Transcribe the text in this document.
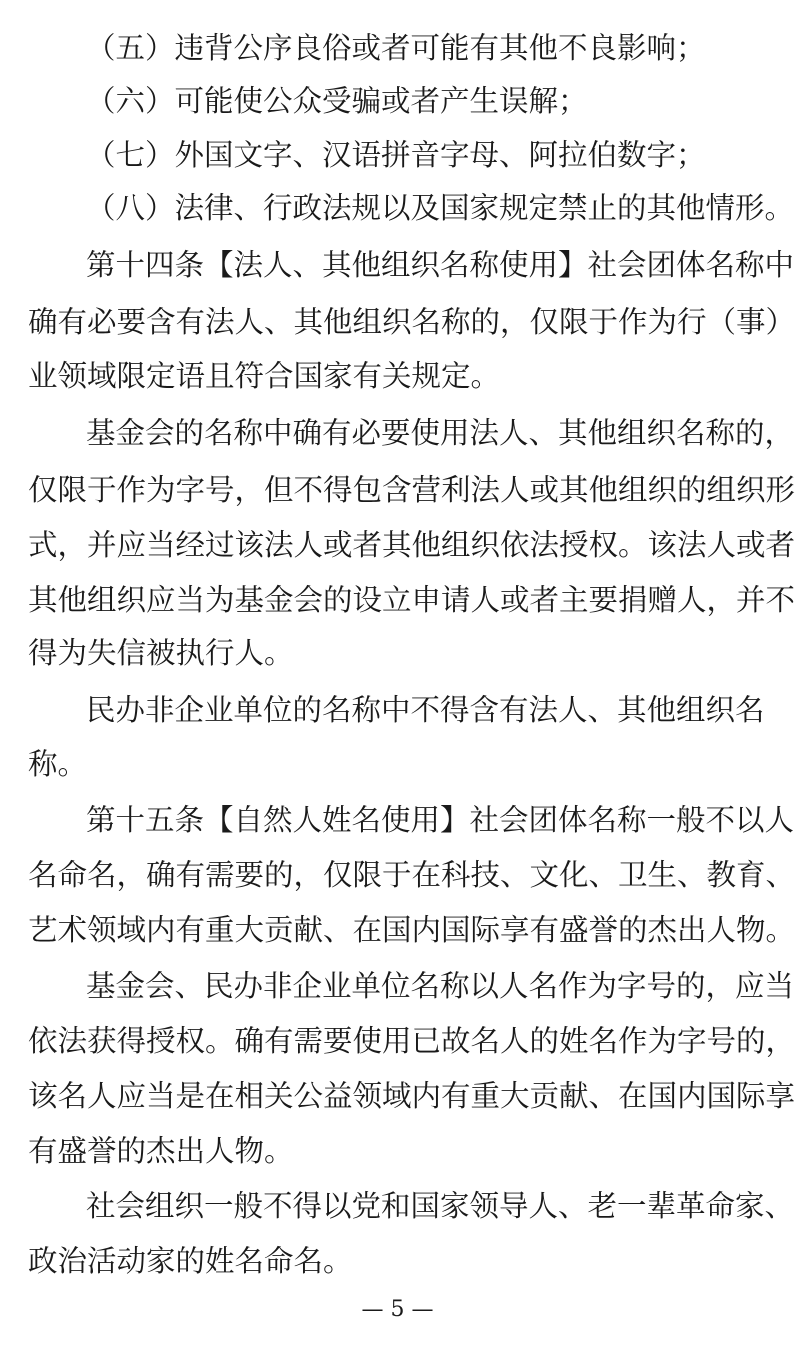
（五）违背公序良俗或者可能有其他不良影响；
（六）可能使公众受骗或者产生误解；
（七）外国文字、汉语拼音字母、阿拉伯数字；
（八）法律、行政法规以及国家规定禁止的其他情形。
第十四条【法人、其他组织名称使用】社会团体名称中
确有必要含有法人、其他组织名称的，仅限于作为行（事）
业领域限定语且符合国家有关规定。
基金会的名称中确有必要使用法人、其他组织名称的，
仅限于作为字号，但不得包含营利法人或其他组织的组织形
式，并应当经过该法人或者其他组织依法授权。该法人或者
其他组织应当为基金会的设立申请人或者主要捐赠人，并不
得为失信被执行人。
民办非企业单位的名称中不得含有法人、其他组织名
称。
第十五条【自然人姓名使用】社会团体名称一般不以人
名命名，确有需要的，仅限于在科技、文化、卫生、教育、
艺术领域内有重大贡献、在国内国际享有盛誉的杰出人物。
基金会、民办非企业单位名称以人名作为字号的，应当
依法获得授权。确有需要使用已故名人的姓名作为字号的，
该名人应当是在相关公益领域内有重大贡献、在国内国际享
有盛誉的杰出人物。
社会组织一般不得以党和国家领导人、老一辈革命家、
政治活动家的姓名命名。
— 5 —
